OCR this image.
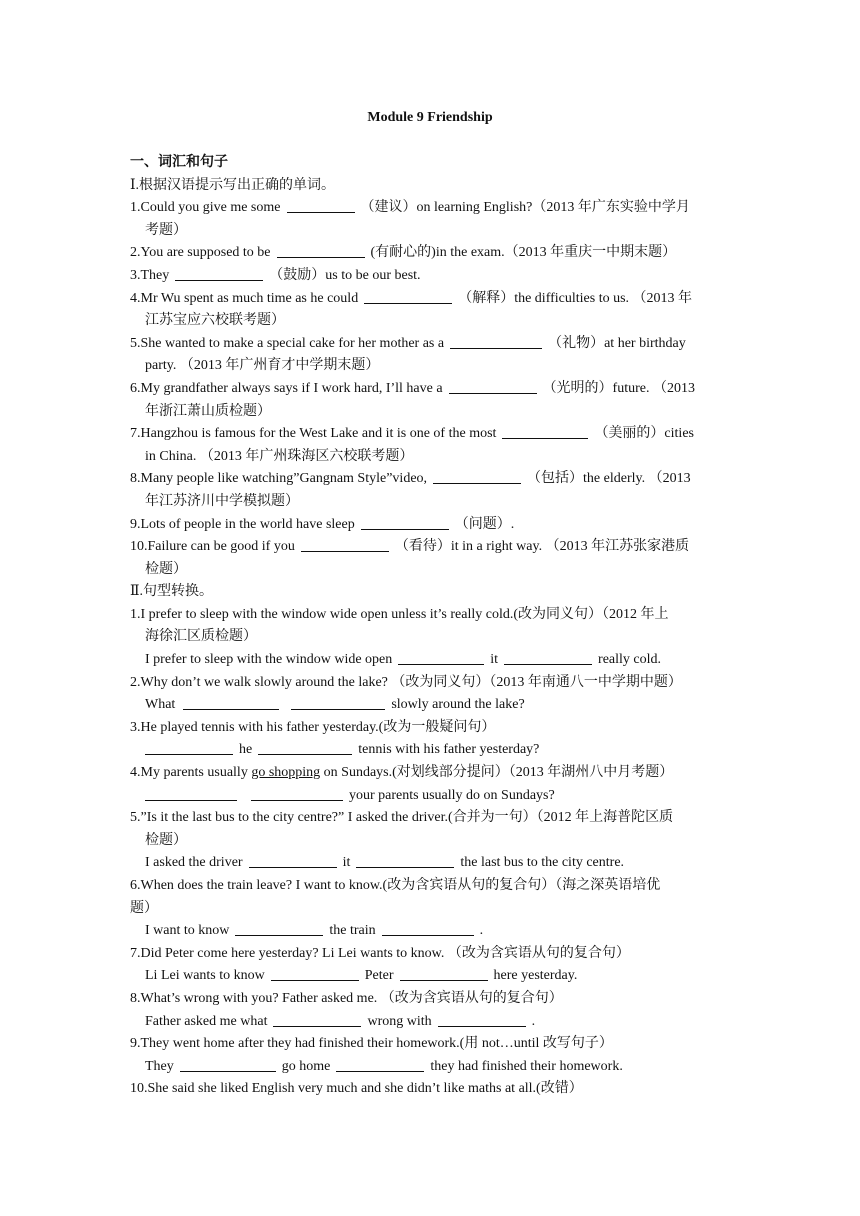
Module 9 Friendship
一、词汇和句子
Ⅰ.根据汉语提示写出正确的单词。
1.Could you give me some	（建议）on learning English?（2013 年广东实验中学月
考题）
2.You are supposed to be	(有耐心的)in the exam.（2013 年重庆一中期末题）
3.They	（鼓励）us to be our best.
4.Mr Wu spent as much time as he could	（解释）the difficulties to us. （2013 年
江苏宝应六校联考题）
5.She wanted to make a special cake for her mother as a	（礼物）at her birthday
party. （2013 年广州育才中学期末题）
6.My grandfather always says if I work hard, I’ll have a	（光明的）future. （2013
年浙江萧山质检题）
7.Hangzhou is famous for the West Lake and it is one of the most	（美丽的）cities
in China. （2013 年广州珠海区六校联考题）
8.Many people like watching”Gangnam Style”video,	（包括）the elderly. （2013
年江苏济川中学模拟题）
9.Lots of people in the world have sleep	（问题）.
10.Failure can be good if you	（看待）it in a right way. （2013 年江苏张家港质
检题）
Ⅱ.句型转换。
1.I prefer to sleep with the window wide open unless it’s really cold.(改为同义句）（2012 年上
海徐汇区质检题）
I prefer to sleep with the window wide open	it	really cold.
2.Why don’t we walk slowly around the lake? （改为同义句）（2013 年南通八一中学期中题）
What	slowly around the lake?
3.He played tennis with his father yesterday.(改为一般疑问句）
he	tennis with his father yesterday?
4.My parents usually go shopping on Sundays.(对划线部分提问）（2013 年湖州八中月考题）
your parents usually do on Sundays?
5.”Is it the last bus to the city centre?” I asked the driver.(合并为一句）（2012 年上海普陀区质
检题）
I asked the driver	it	the last bus to the city centre.
6.When does the train leave? I want to know.(改为含宾语从句的复合句）（海之深英语培优
题）
I want to know	the train	.
7.Did Peter come here yesterday? Li Lei wants to know. （改为含宾语从句的复合句）
Li Lei wants to know	Peter	here yesterday.
8.What’s wrong with you? Father asked me. （改为含宾语从句的复合句）
Father asked me what	wrong with	.
9.They went home after they had finished their homework.(用 not…until 改写句子）
They	go home	they had finished their homework.
10.She said she liked English very much and she didn’t like maths at all.(改错）
